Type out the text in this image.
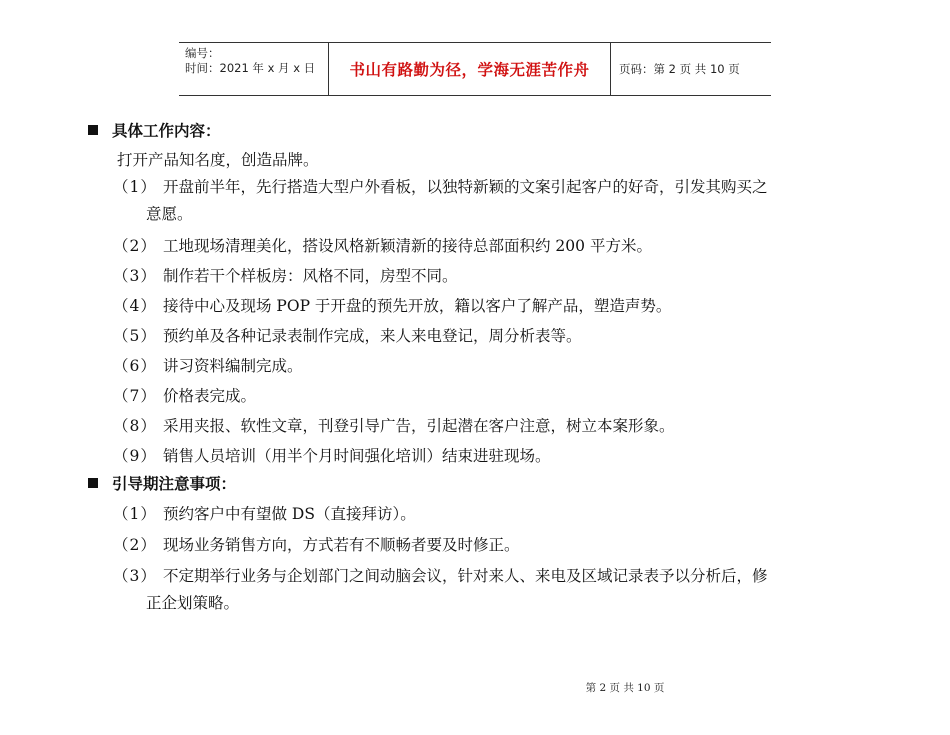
编号：
时间：2021 年 x 月 x 日	书山有路勤为径，学海无涯苦作舟	页码：第 2 页 共 10 页
具体工作内容：
打开产品知名度，创造品牌。
（1） 开盘前半年，先行搭造大型户外看板，以独特新颖的文案引起客户的好奇，引发其购买之
意愿。
（2） 工地现场清理美化，搭设风格新颖清新的接待总部面积约 200 平方米。
（3） 制作若干个样板房：风格不同，房型不同。
（4） 接待中心及现场 POP 于开盘的预先开放，籍以客户了解产品，塑造声势。
（5） 预约单及各种记录表制作完成，来人来电登记，周分析表等。
（6） 讲习资料编制完成。
（7） 价格表完成。
（8） 采用夹报、软性文章，刊登引导广告，引起潜在客户注意，树立本案形象。
（9） 销售人员培训（用半个月时间强化培训）结束进驻现场。
引导期注意事项：
（1） 预约客户中有望做 DS（直接拜访）。
（2） 现场业务销售方向，方式若有不顺畅者要及时修正。
（3） 不定期举行业务与企划部门之间动脑会议，针对来人、来电及区域记录表予以分析后，修
正企划策略。
第 2 页 共 10 页
